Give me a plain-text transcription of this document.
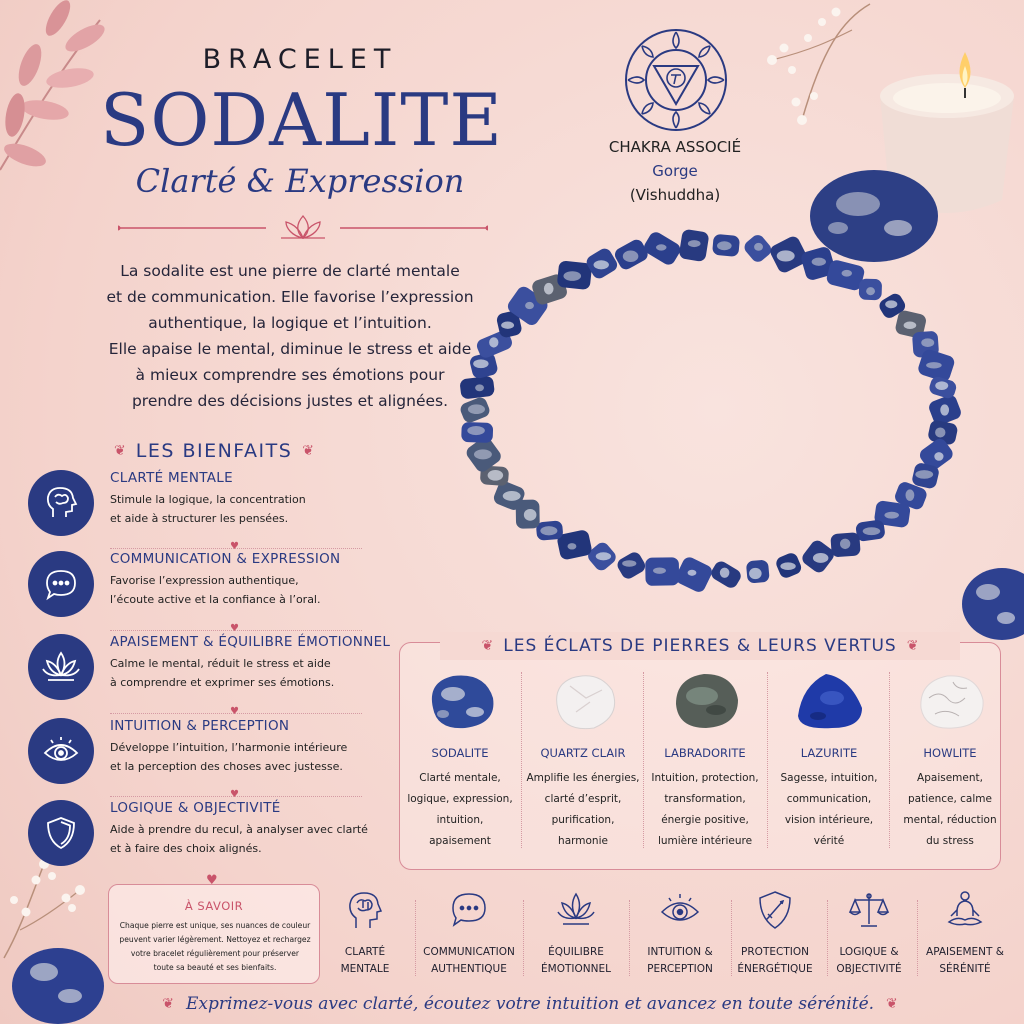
BRACELET
SODALITE
Clarté & Expression
La sodalite est une pierre de clarté mentale
et de communication. Elle favorise l’expression
authentique, la logique et l’intuition.
Elle apaise le mental, diminue le stress et aide
à mieux comprendre ses émotions pour
prendre des décisions justes et alignées.
CHAKRA ASSOCIÉ
Gorge
(Vishuddha)
❦ LES BIENFAITS ❦
CLARTÉ MENTALE
Stimule la logique, la concentration
et aide à structurer les pensées.
♥
COMMUNICATION & EXPRESSION
Favorise l’expression authentique,
l’écoute active et la confiance à l’oral.
♥
APAISEMENT & ÉQUILIBRE ÉMOTIONNEL
Calme le mental, réduit le stress et aide
à comprendre et exprimer ses émotions.
♥
INTUITION & PERCEPTION
Développe l’intuition, l’harmonie intérieure
et la perception des choses avec justesse.
♥
LOGIQUE & OBJECTIVITÉ
Aide à prendre du recul, à analyser avec clarté
et à faire des choix alignés.
♥
À SAVOIR
Chaque pierre est unique, ses nuances de couleur
peuvent varier légèrement. Nettoyez et rechargez
votre bracelet régulièrement pour préserver
toute sa beauté et ses bienfaits.
❦ LES ÉCLATS DE PIERRES & LEURS VERTUS ❦
SODALITE
Clarté mentale,
logique, expression,
intuition,
apaisement
QUARTZ CLAIR
Amplifie les énergies,
clarté d’esprit,
purification,
harmonie
LABRADORITE
Intuition, protection,
transformation,
énergie positive,
lumière intérieure
LAZURITE
Sagesse, intuition,
communication,
vision intérieure,
vérité
HOWLITE
Apaisement,
patience, calme
mental, réduction
du stress
CLARTÉ
MENTALE
COMMUNICATION
AUTHENTIQUE
ÉQUILIBRE
ÉMOTIONNEL
INTUITION &
PERCEPTION
PROTECTION
ÉNERGÉTIQUE
LOGIQUE &
OBJECTIVITÉ
APAISEMENT &
SÉRÉNITÉ
❦ Exprimez-vous avec clarté, écoutez votre intuition et avancez en toute sérénité. ❦
